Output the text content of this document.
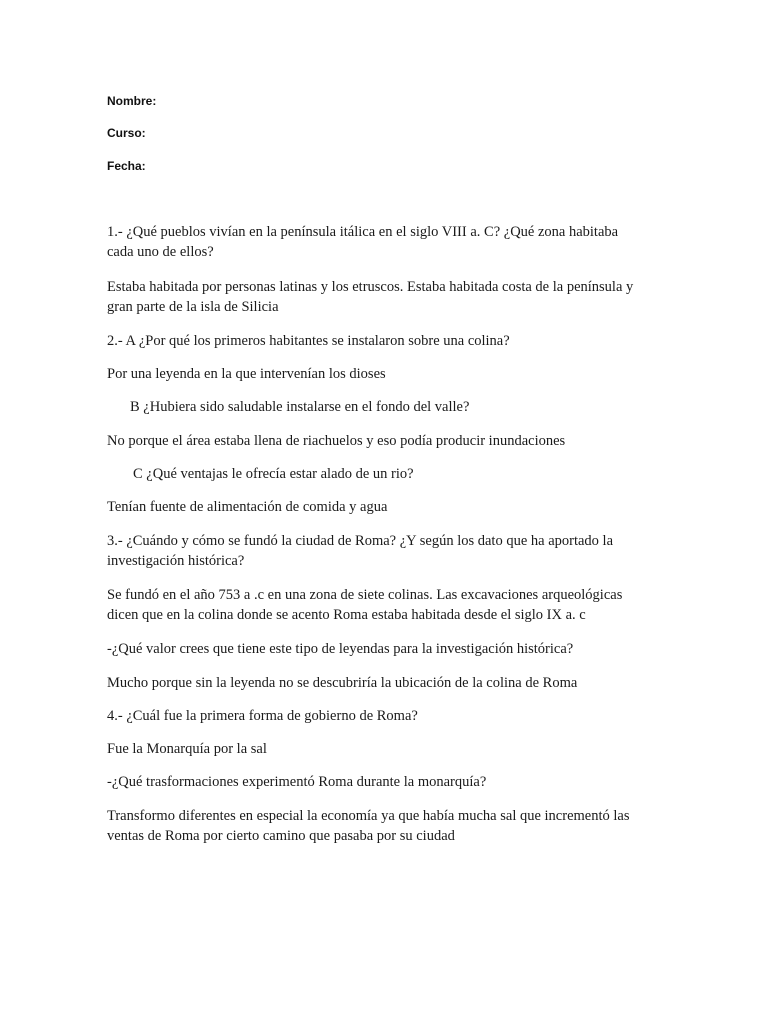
Nombre:

Curso:

Fecha:

1.- ¿Qué pueblos vivían en la península itálica en el siglo VIII a. C? ¿Qué zona habitaba

cada uno de ellos?

Estaba habitada por personas latinas y los etruscos. Estaba habitada costa de la península y

gran parte de la isla de Silicia

2.- A ¿Por qué los primeros habitantes se instalaron sobre una colina?

Por una leyenda en la que intervenían los dioses

B ¿Hubiera sido saludable instalarse en el fondo del valle?

No porque el área estaba llena de riachuelos y eso podía producir inundaciones

C ¿Qué ventajas le ofrecía estar alado de un rio?

Tenían fuente de alimentación de comida y agua

3.- ¿Cuándo y cómo se fundó la ciudad de Roma? ¿Y según los dato que ha aportado la

investigación histórica?

Se fundó en el año 753 a .c en una zona de siete colinas. Las excavaciones arqueológicas

dicen que en la colina donde se acento Roma estaba habitada desde el siglo IX a. c

-¿Qué valor crees que tiene este tipo de leyendas para la investigación histórica?

Mucho porque sin la leyenda no se descubriría la ubicación de la colina de Roma

4.- ¿Cuál fue la primera forma de gobierno de Roma?

Fue la Monarquía por la sal

-¿Qué trasformaciones experimentó Roma durante la monarquía?

Transformo diferentes en especial la economía ya que había mucha sal que incrementó las

ventas de Roma por cierto camino que pasaba por su ciudad
